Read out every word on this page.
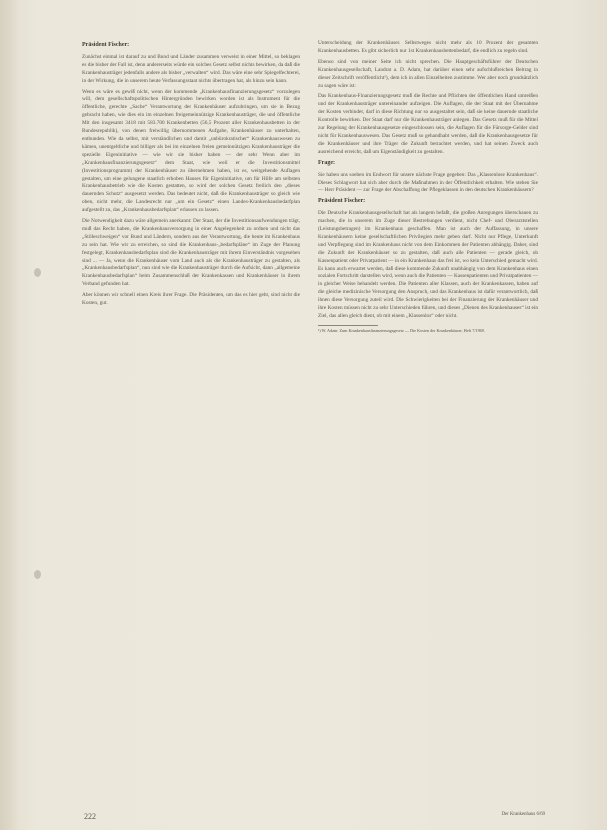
Präsident Fischer:

Zunächst einmal ist darauf zu und Bund und Länder zusammen verweist in einer Mittel, so beklagen es die bisher der Fall ist, denn andererseits würde ein solches Gesetz selbst nichts bewirken, da daß die Krankenhausträger jedenfalls andere als bisher „verwalten“ wird. Das wäre eine sehr Spiegelfechterei, in der Wirkung, die in unserem heute Verfassungsstaat nichts übertragen hat, als hinzu sein kann.

Wenn es wäre es gewiß nicht, wenn der kommende „Krankenhausfinanzierungsgesetz“ vorzulegen will, dem gesellschaftspolitischen Hintergründen bewirken worden ist als Instrument für die öffentliche, gerechte „Sache“ Verantwortung der Krankenhäuser aufzubringen, um sie in Bezug gebracht haben, wie dies ein im einzelnen freigemeinnützige Krankenhausträger, die und öffentliche Mit den insgesamt 3418 mit 583.700 Krankenbetten (56,5 Prozent aller Krankenhausbetten in der Bundesrepublik), von denen freiwillig übernommenen Aufgabe, Krankenhäuser zu unterhalten, entbunden. Wie da selbst, mit verständlichen und damit „unbürokratischer“ Krankenhauswesen zu kämen, unentgeltliche und billiger als bei im einzelnen freien gemeinnützigen Krankenhausträger die spezielle Eigeninitiative — wie wir sie bisher haben — der sehr Wenn aber im „Krankenhausfinanzierungsgesetz“ dem Staat, wie weil er die Investitionsmittel (Investitionsprogramm) der Krankenhäuser zu übernehmen haben, ist es, weitgehende Auflagen gestalten, um eine gelungene staatlich erhoben Hauses für Eigeninitiative, um für Hilfe am selbsten Krankenhausbetrieb wie die Kosten gestatten, so wird der solchen Gesetz freilich den „dieses dauernden Schutz“ ausgesetzt werden. Das bedeutet nicht, daß die Krankenhausträger so gleich wie oben, nicht mehr, die Landesrecht nur „um ein Gesetz“ einen Landes-Krankenhausbedarfplan aufgestellt zu, das „Krankenhausbedarfsplan“ erlassen zu lassen.

Die Notwendigkeit dazu wäre allgemein anerkannt: Der Staat, der die Investitionsaufwendungen trägt, muß das Recht haben, die Krankenhausversorgung in einer Angelegenheit zu ordnen und nicht das „Stilleschweigen“ vor Bund und Ländern, sondern aus der Verantwortung, die heute im Krankenhaus zu sein hat. Wie wir zu erreichen, so sind die Krankenhaus-„bedarfspläne“ im Zuge der Planung festgelegt, Krankenhausbedarfsplan sind die Krankenhausträger mit ihrem Einverständnis vorgesehen sind ... — Ja, wenn die Krankenhäuser vom Land auch als die Krankenhausträger zu gestalten, als „Krankenhausbedarfsplan“, nun sind wie die Krankenhausträger durch die Aufsicht, dann „allgemeine Krankenhausbedarfsplan“ beim Zusammenschluß der Krankenkassen und Krankenhäuser in ihrem Verband gefunden hat.

Aber können wir schnell einen Kreis ihrer Frage. Die Präsidenten, um das es hier geht, sind nicht die Kosten, gut.

Unterscheidung der Krankenhäuser. Selbstweges nicht mehr als 10 Prozent der gesamten Krankenhausbetten. Es gibt sicherlich nur 1st Krankenhausbettenbedarf, die endlich zu regeln sind.

Ebenso sind von meiner Seite ich nicht sprechen. Die Hauptgeschäftsführer der Deutschen Krankenhausgesellschaft, Landrat a. D. Adam, hat darüber einen sehr aufschlußreichen Beitrag in dieser Zeitschrift veröffentlicht¹), dem ich in allen Einzelheiten zustimme. Wer aber noch grundsätzlich zu sagen wäre ist:

Das Krankenhaus-Finanzierungsgesetz muß die Rechte und Pflichten der öffentlichen Hand umreißen und der Krankenhausträger untereinander aufzeigen. Die Auflagen, die der Staat mit der Übernahme der Kosten verbindet, darf in diese Richtung nur so ausgestaltet sein, daß sie keine dauernde staatliche Kontrolle bewirken. Der Staat darf nur die Krankenhausträger anlegen. Das Gesetz muß für die Mittel zur Regelung der Krankenhausgesetze eingeschlossen sein, die Auflagen für die Fürsorge-Gelder sind nicht für Krankenhauswesen. Das Gesetz muß so gehandhabt werden, daß die Krankenhausgesetze für die Krankenhäuser und ihre Träger die Zukunft betrachtet werden, und hat seinen Zweck auch ausreichend erreicht, daß um Eigenständigkeit zu gestalten.

Frage:

Sie haben uns soeben im Endwort für unsere nächste Frage gegeben: Das „Klassenlose Krankenhaus“. Dieses Schlagwort hat sich aber durch die Maßnahmen in der Öffentlichkeit erhalten. Wie stehen Sie — Herr Präsident — zur Frage der Abschaffung der Pflegeklassen in den deutschen Krankenhäusern?

Präsident Fischer:

Die Deutsche Krankenhausgesellschaft hat als langem befaßt, die großen Anregungen überschauen zu machen, die in unserem im Zuge dieser Bestrebungen verdient, nicht Chef- und Oberarztstellen (Leistungsbetragen) im Krankenhaus geschaffen. Man ist auch der Auffassung, in unsere Krankenhäusern keine gesellschaftlichen Privilegien mehr geben darf. Nicht nur Pflege, Unterkunft und Verpflegung sind im Krankenhaus nicht von dem Einkommen der Patienten abhängig. Daher, sind die Zukunft der Krankenhäuser so zu gestalten, daß auch alle Patienten — gerade gleich, ob Kassenpatient oder Privatpatient — in ein Krankenhaus das frei ist, wo kein Unterschied gemacht wird. Es kann auch erwartet werden, daß diese kommende Zukunft unabhängig von dem Krankenhaus einen sozialen Fortschritt darstellen wird, wenn auch die Patienten — Kassenpatienten und Privatpatienten — in gleicher Weise behandelt werden. Die Patienten aller Klassen, auch der Krankenkassen, haben auf die gleiche medizinische Versorgung den Anspruch, und das Krankenhaus ist dafür verantwortlich, daß ihnen diese Versorgung zuteil wird. Die Schwierigkeiten bei der Finanzierung der Krankenhäuser und ihre Kosten müssen nicht zu sehr Unterschieden führen, und dieses „Dienen des Krankenhauses“ ist ein Ziel, das allen gleich dient, ob mit einem „Klassenlos“ oder nicht.

¹) W. Adam: Zum Krankenhausfinanzierungsgesetz — Die Kosten der Krankenhäuser, Heft 7/1969.

222	Der Krankenhaus 6/69
